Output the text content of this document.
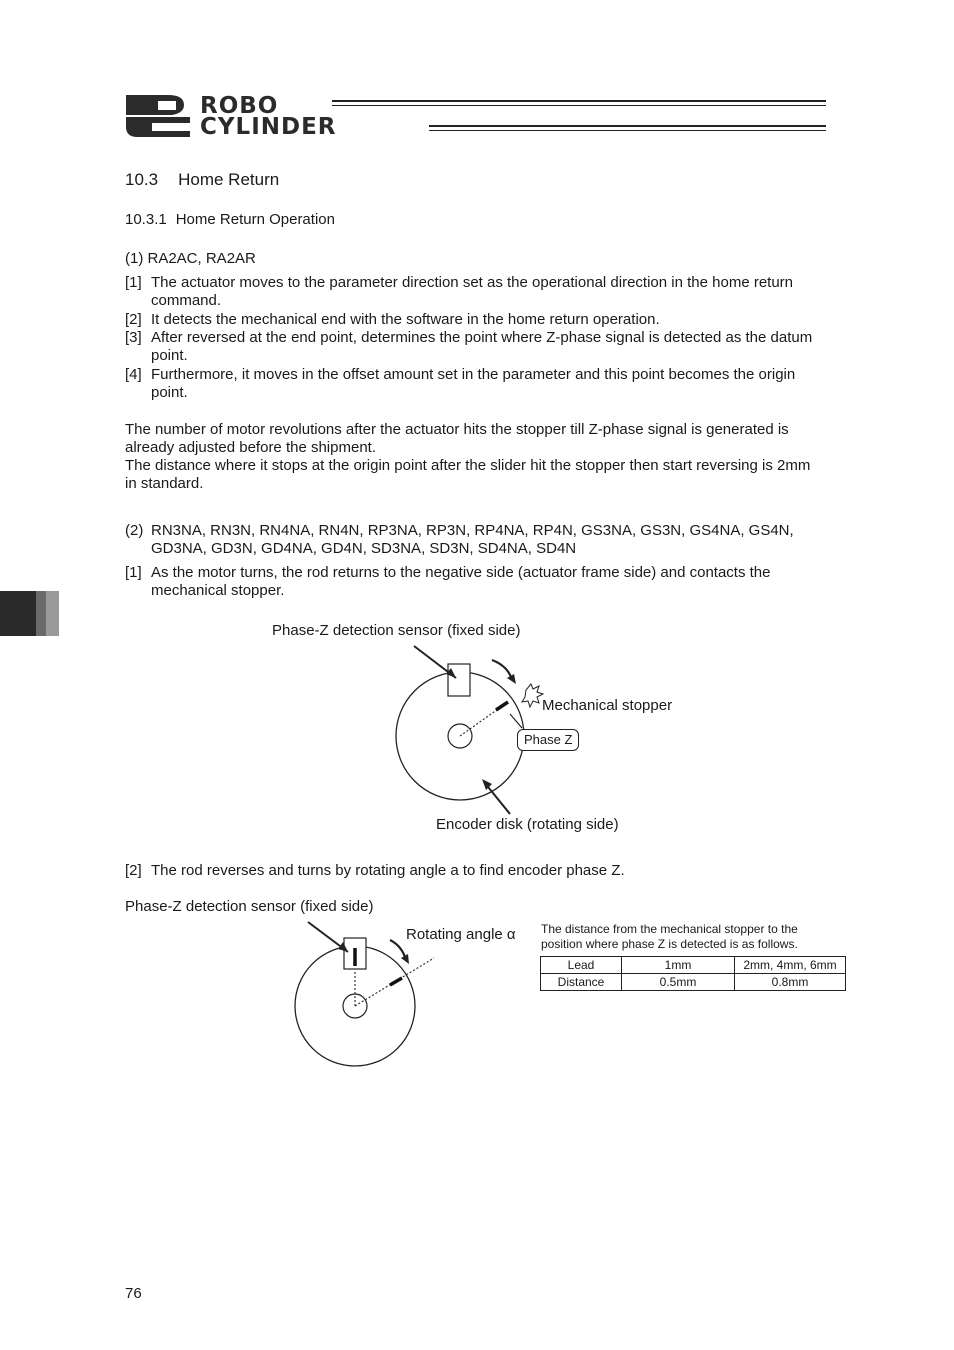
ROBO
CYLINDER
10.3 Home Return
10.3.1 Home Return Operation
(1) RA2AC, RA2AR
[1] The actuator moves to the parameter direction set as the operational direction in the home return command.
[2] It detects the mechanical end with the software in the home return operation.
[3] After reversed at the end point, determines the point where Z-phase signal is detected as the datum point.
[4] Furthermore, it moves in the offset amount set in the parameter and this point becomes the origin point.
The number of motor revolutions after the actuator hits the stopper till Z-phase signal is generated is already adjusted before the shipment.
The distance where it stops at the origin point after the slider hit the stopper then start reversing is 2mm in standard.
(2) RN3NA, RN3N, RN4NA, RN4N, RP3NA, RP3N, RP4NA, RP4N, GS3NA, GS3N, GS4NA, GS4N, GD3NA, GD3N, GD4NA, GD4N, SD3NA, SD3N, SD4NA, SD4N
[1] As the motor turns, the rod returns to the negative side (actuator frame side) and contacts the mechanical stopper.
Phase-Z detection sensor (fixed side)
Mechanical stopper
Phase Z
Encoder disk (rotating side)
[2] The rod reverses and turns by rotating angle a to find encoder phase Z.
Phase-Z detection sensor (fixed side)
Rotating angle α The distance from the mechanical stopper to the position where phase Z is detected is as follows.
Lead	1mm	2mm, 4mm, 6mm
Distance	0.5mm	0.8mm
76
